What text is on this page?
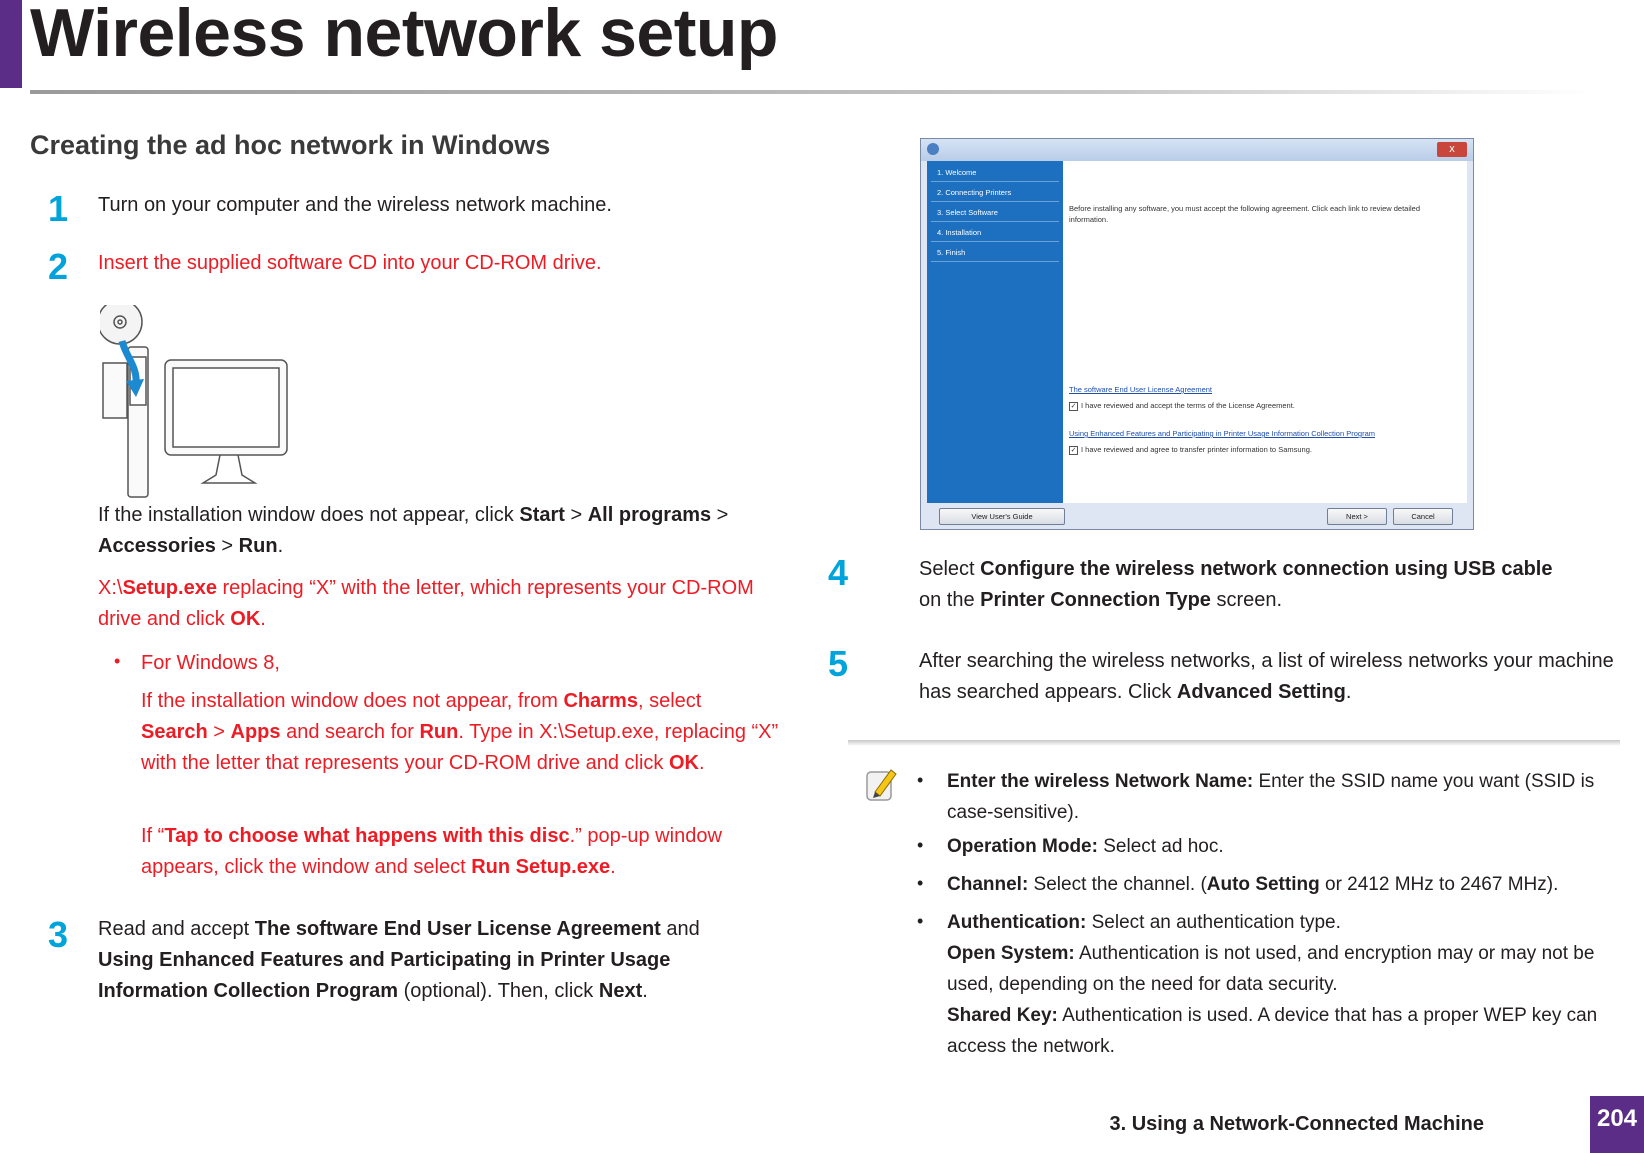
Wireless network setup
Creating the ad hoc network in Windows
1	Turn on your computer and the wireless network machine.
2	Insert the supplied software CD into your CD-ROM drive.
If the installation window does not appear, click Start > All programs >
Accessories > Run.
X:\Setup.exe replacing “X” with the letter, which represents your CD-ROM drive and click OK.
• For Windows 8,
If the installation window does not appear, from Charms, select
Search > Apps and search for Run. Type in X:\Setup.exe, replacing “X” with the letter that represents your CD-ROM drive and click OK.
If “Tap to choose what happens with this disc.” pop-up window appears, click the window and select Run Setup.exe.
3	Read and accept The software End User License Agreement and
Using Enhanced Features and Participating in Printer Usage Information Collection Program (optional). Then, click Next.
x
1. Welcome
2. Connecting Printers
3. Select Software
4. Installation
5. Finish
Before installing any software, you must accept the following agreement. Click each link to review detailed information.
The software End User License Agreement
✓ I have reviewed and accept the terms of the License Agreement.
Using Enhanced Features and Participating in Printer Usage Information Collection Program
✓ I have reviewed and agree to transfer printer information to Samsung.
View User's Guide	Next >	Cancel
4	Select Configure the wireless network connection using USB cable
on the Printer Connection Type screen.
5	After searching the wireless networks, a list of wireless networks your machine has searched appears. Click Advanced Setting.
• Enter the wireless Network Name: Enter the SSID name you want (SSID is case-sensitive).
• Operation Mode: Select ad hoc.
• Channel: Select the channel. (Auto Setting or 2412 MHz to 2467 MHz).
• Authentication: Select an authentication type.
Open System: Authentication is not used, and encryption may or may not be used, depending on the need for data security.
Shared Key: Authentication is used. A device that has a proper WEP key can access the network.
3. Using a Network-Connected Machine	204
